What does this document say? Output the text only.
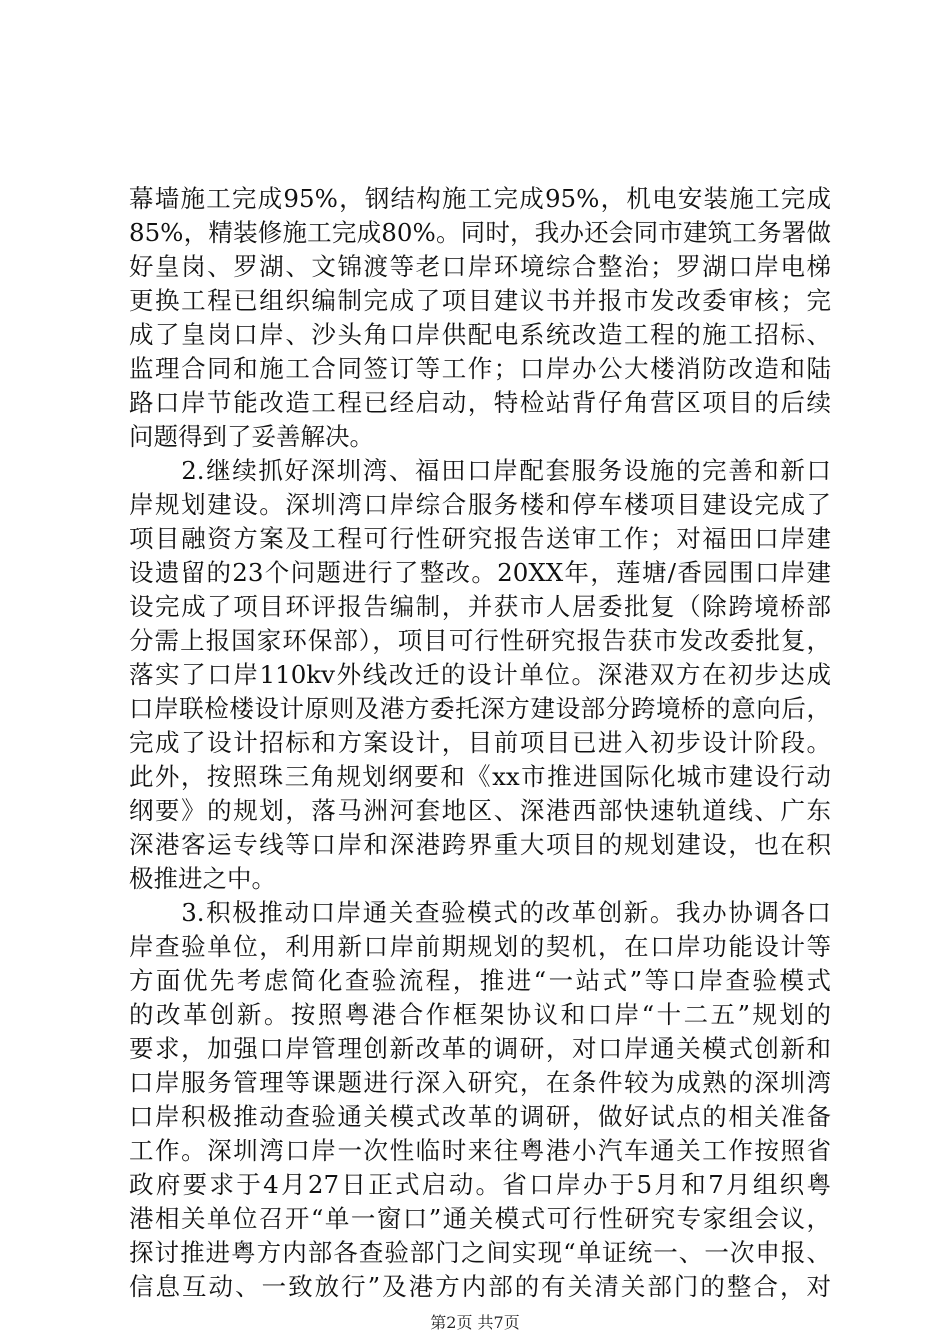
幕墙施工完成95%，钢结构施工完成95%，机电安装施工完成
85%，精装修施工完成80%。同时，我办还会同市建筑工务署做
好皇岗、罗湖、文锦渡等老口岸环境综合整治；罗湖口岸电梯
更换工程已组织编制完成了项目建议书并报市发改委审核；完
成了皇岗口岸、沙头角口岸供配电系统改造工程的施工招标、
监理合同和施工合同签订等工作；口岸办公大楼消防改造和陆
路口岸节能改造工程已经启动，特检站背仔角营区项目的后续
问题得到了妥善解决。
　　2.继续抓好深圳湾、福田口岸配套服务设施的完善和新口
岸规划建设。深圳湾口岸综合服务楼和停车楼项目建设完成了
项目融资方案及工程可行性研究报告送审工作；对福田口岸建
设遗留的23个问题进行了整改。20XX年，莲塘/香园围口岸建
设完成了项目环评报告编制，并获市人居委批复（除跨境桥部
分需上报国家环保部），项目可行性研究报告获市发改委批复，
落实了口岸110kv外线改迁的设计单位。深港双方在初步达成
口岸联检楼设计原则及港方委托深方建设部分跨境桥的意向后，
完成了设计招标和方案设计，目前项目已进入初步设计阶段。
此外，按照珠三角规划纲要和《xx市推进国际化城市建设行动
纲要》的规划，落马洲河套地区、深港西部快速轨道线、广东
深港客运专线等口岸和深港跨界重大项目的规划建设，也在积
极推进之中。
　　3.积极推动口岸通关查验模式的改革创新。我办协调各口
岸查验单位，利用新口岸前期规划的契机，在口岸功能设计等
方面优先考虑简化查验流程，推进“一站式”等口岸查验模式
的改革创新。按照粤港合作框架协议和口岸“十二五”规划的
要求，加强口岸管理创新改革的调研，对口岸通关模式创新和
口岸服务管理等课题进行深入研究，在条件较为成熟的深圳湾
口岸积极推动查验通关模式改革的调研，做好试点的相关准备
工作。深圳湾口岸一次性临时来往粤港小汽车通关工作按照省
政府要求于4月27日正式启动。省口岸办于5月和7月组织粤
港相关单位召开“单一窗口”通关模式可行性研究专家组会议，
探讨推进粤方内部各查验部门之间实现“单证统一、一次申报、
信息互动、一致放行”及港方内部的有关清关部门的整合，对
第2页 共7页
